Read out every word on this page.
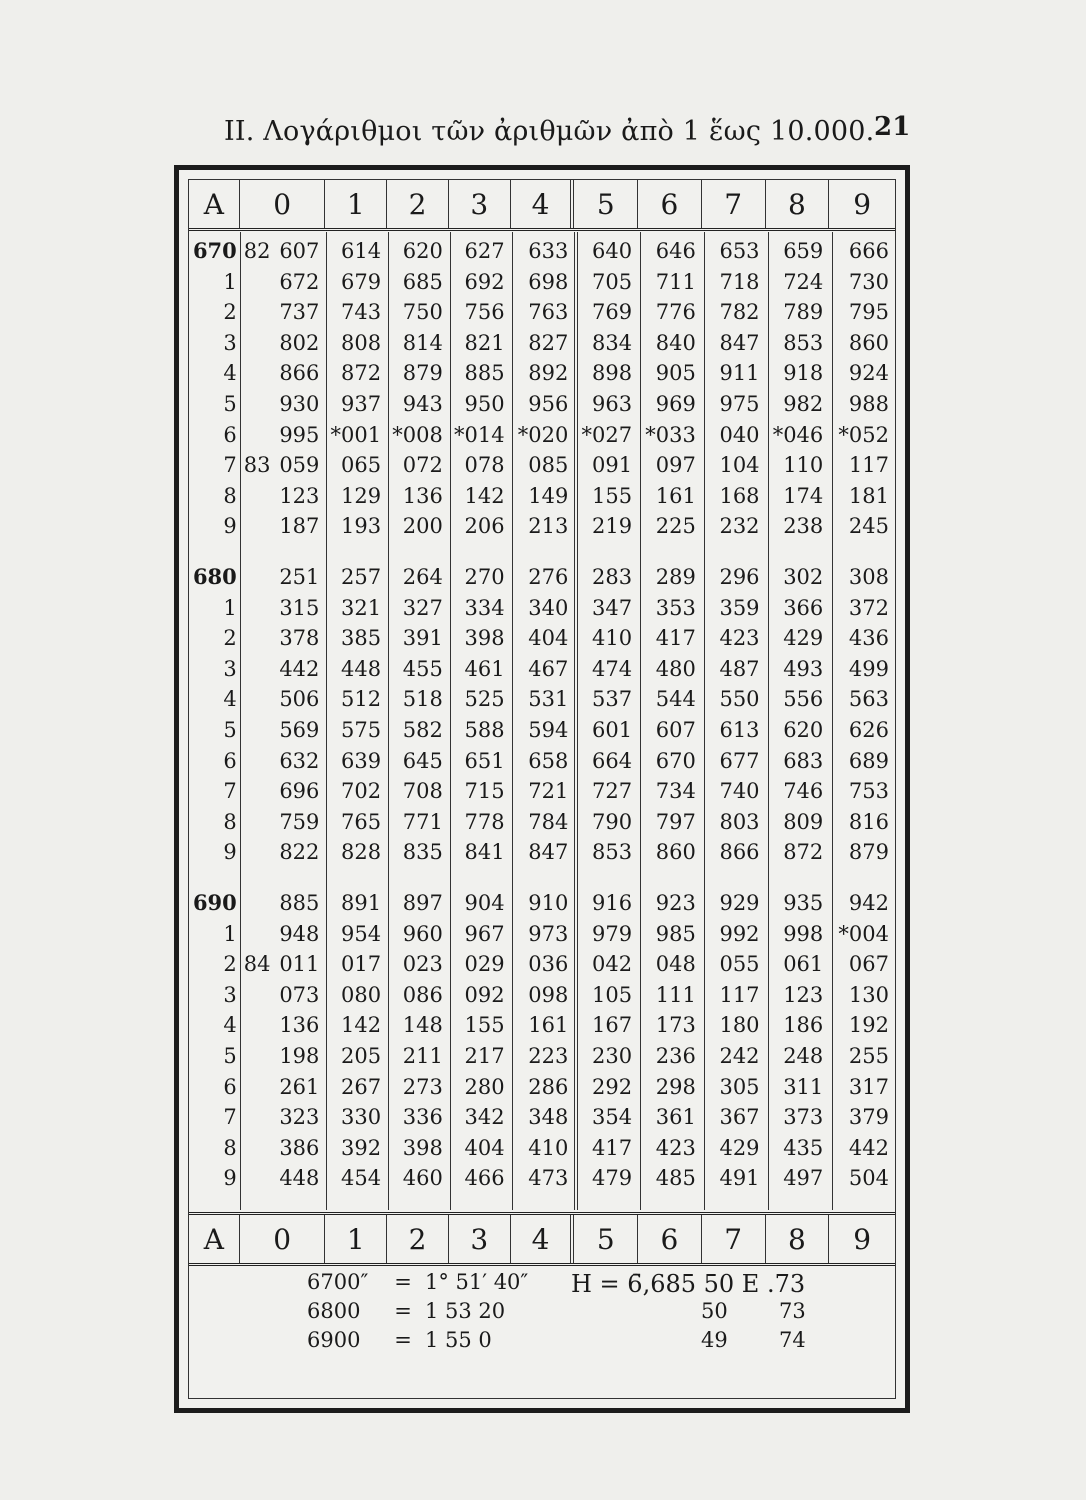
II. Λογάριθμοι τῶν ἀριθμῶν ἀπὸ 1 ἕως 10.000. 21
A	0	1	2	3	4	5	6	7	8	9
670 82 607	614	620	627	633	640	646	653	659	666
1	672	679	685	692	698	705	711	718	724	730
2	737	743	750	756	763	769	776	782	789	795
3	802	808	814	821	827	834	840	847	853	860
4	866	872	879	885	892	898	905	911	918	924
5	930	937	943	950	956	963	969	975	982	988
6	995 *001 *008 *014 *020 *027 *033	040 *046 *052
7 83 059	065	072	078	085	091	097	104	110	117
8	123	129	136	142	149	155	161	168	174	181
9	187	193	200	206	213	219	225	232	238	245
680	251	257	264	270	276	283	289	296	302	308
1	315	321	327	334	340	347	353	359	366	372
2	378	385	391	398	404	410	417	423	429	436
3	442	448	455	461	467	474	480	487	493	499
4	506	512	518	525	531	537	544	550	556	563
5	569	575	582	588	594	601	607	613	620	626
6	632	639	645	651	658	664	670	677	683	689
7	696	702	708	715	721	727	734	740	746	753
8	759	765	771	778	784	790	797	803	809	816
9	822	828	835	841	847	853	860	866	872	879
690	885	891	897	904	910	916	923	929	935	942
1	948	954	960	967	973	979	985	992	998 *004
2 84 011	017	023	029	036	042	048	055	061	067
3	073	080	086	092	098	105	111	117	123	130
4	136	142	148	155	161	167	173	180	186	192
5	198	205	211	217	223	230	236	242	248	255
6	261	267	273	280	286	292	298	305	311	317
7	323	330	336	342	348	354	361	367	373	379
8	386	392	398	404	410	417	423	429	435	442
9	448	454	460	466	473	479	485	491	497	504
A	0	1	2	3	4	5	6	7	8	9
6700″ = 1° 51′ 40″
6800 = 1 53 20
6900 = 1 55 0
H = 6̄,685 50 E .73
50 73
49 74
